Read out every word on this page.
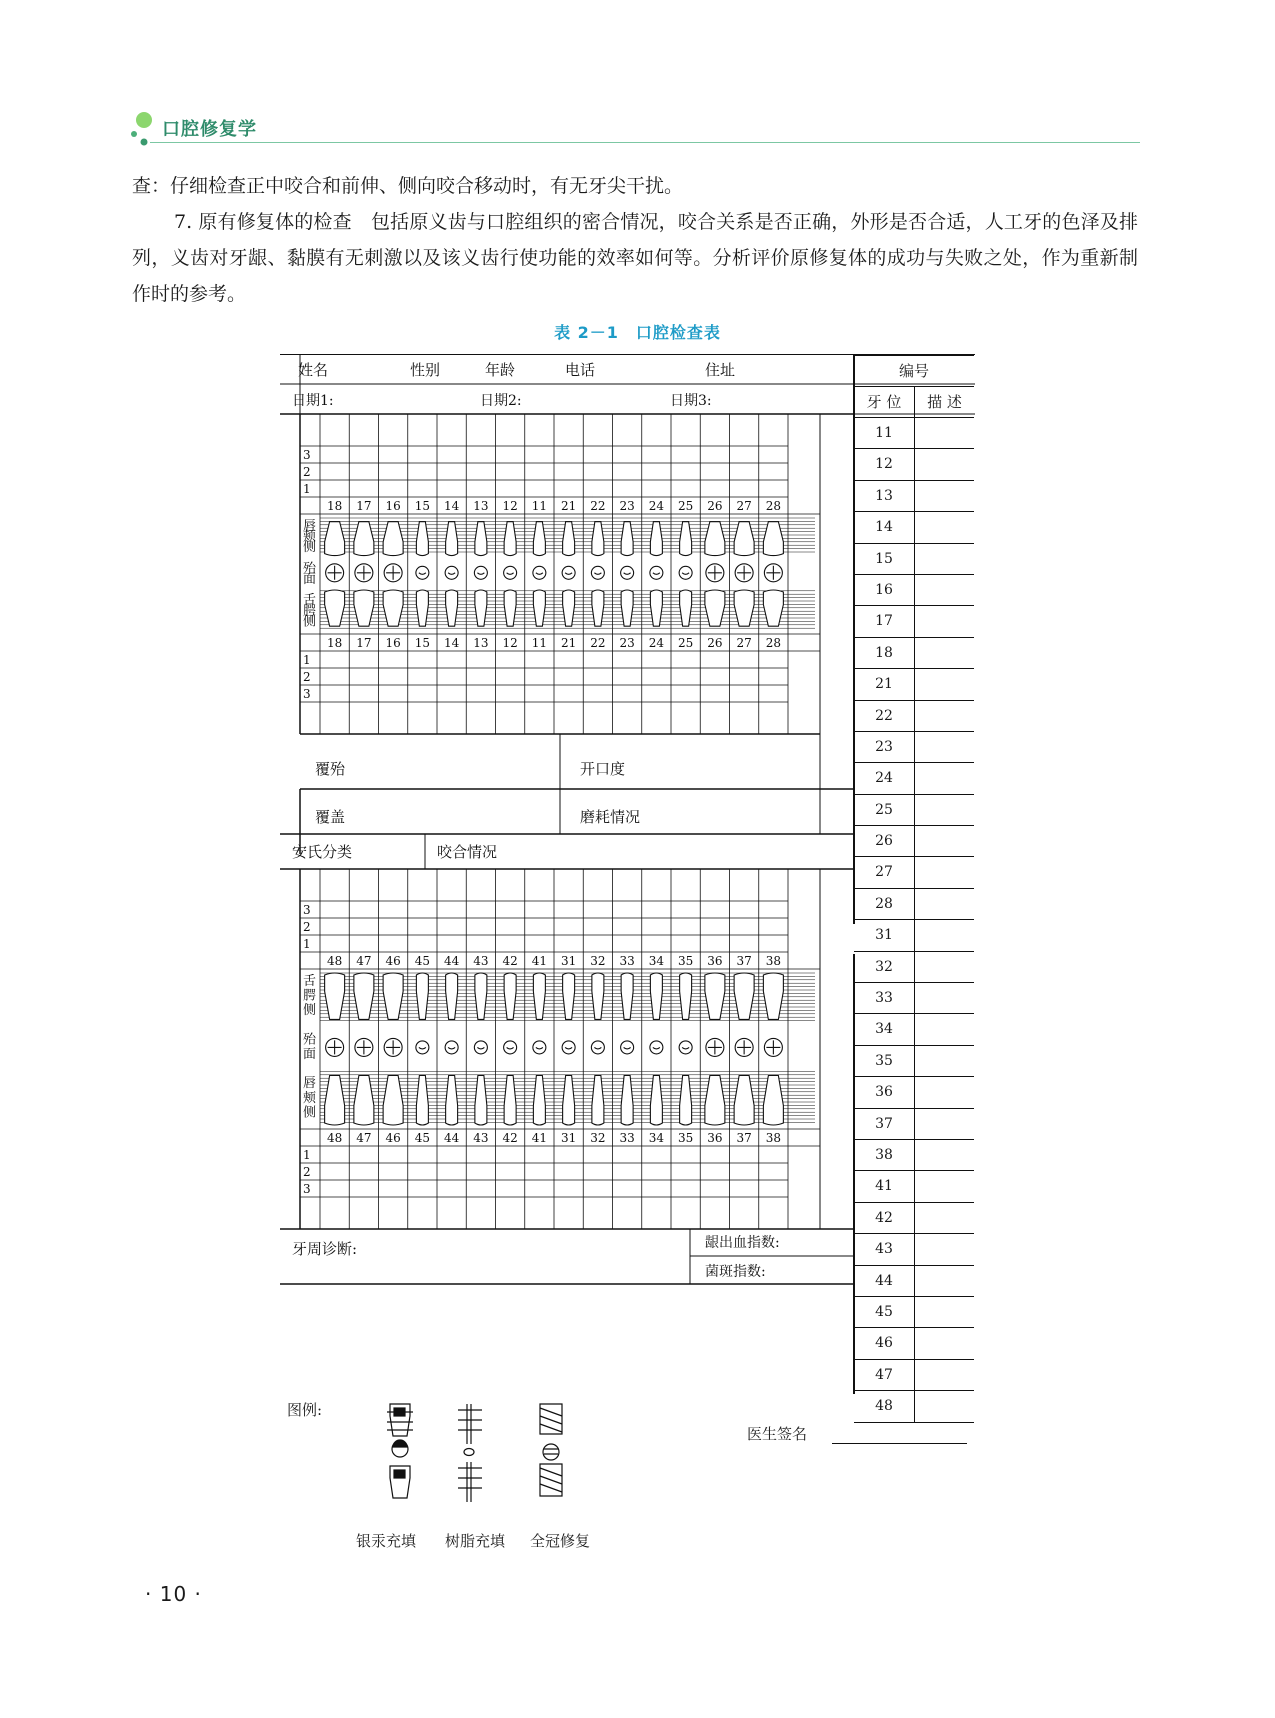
口腔修复学
查：仔细检查正中咬合和前伸、侧向咬合移动时，有无牙尖干扰。
7. 原有修复体的检查　包括原义齿与口腔组织的密合情况，咬合关系是否正确，外形是否合适，人工牙的色泽及排列，义齿对牙龈、黏膜有无刺激以及该义齿行使功能的效率如何等。分析评价原修复体的成功与失败之处，作为重新制作时的参考。
表 2－1　口腔检查表
姓名	性别	年龄	电话	住址
日期1:	日期2:	日期3:
3
2
1
18 17 16 15 14 13 12 11 21 22 23 24 25 26 27 28
唇
颊
侧
殆
面
舌
腭
侧
18 17 16 15 14 13 12 11 21 22 23 24 25 26 27 28
1
2
3
3
2
1
48 47 46 45 44 43 42 41 31 32 33 34 35 36 37 38
舌
腭
侧
殆
面
唇
颊
侧
48 47 46 45 44 43 42 41 31 32 33 34 35 36 37 38
1
2
3
覆殆	开口度
覆盖	磨耗情况
安氏分类	咬合情况
牙周诊断:	龈出血指数:
菌斑指数:
编号
牙 位	描 述
11
12
13
14
15
16
17
18
21
22
23
24
25
26
27
28
31
32
33
34
35
36
37
38
41
42
43
44
45
46
47
48
图例:
银汞充填 树脂充填 全冠修复
医生签名
· 10 ·
